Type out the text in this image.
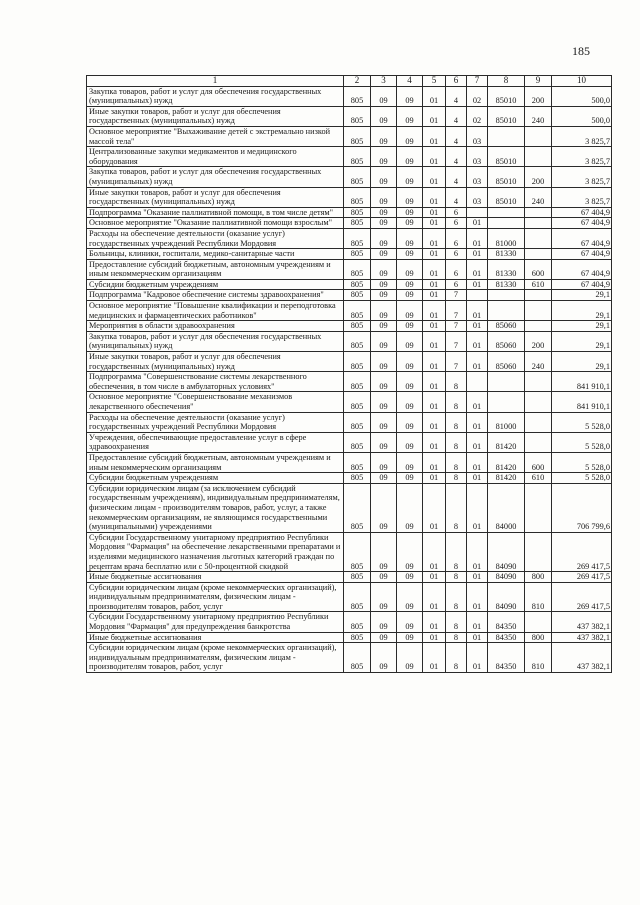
185
1	2	3	4	5	6	7	8	9	10
Закупка товаров, работ и услуг для обеспечения государственных (муниципальных) нужд	805	09	09	01	4	02	85010	200	500,0
Иные закупки товаров, работ и услуг для обеспечения государственных (муниципальных) нужд	805	09	09	01	4	02	85010	240	500,0
Основное мероприятие "Выхаживание детей с экстремально низкой массой тела"	805	09	09	01	4	03			3 825,7
Централизованные закупки медикаментов и медицинского оборудования	805	09	09	01	4	03	85010		3 825,7
Закупка товаров, работ и услуг для обеспечения государственных (муниципальных) нужд	805	09	09	01	4	03	85010	200	3 825,7
Иные закупки товаров, работ и услуг для обеспечения государственных (муниципальных) нужд	805	09	09	01	4	03	85010	240	3 825,7
Подпрограмма "Оказание паллиативной помощи, в том числе детям"	805	09	09	01	6				67 404,9
Основное мероприятие "Оказание паллиативной помощи взрослым"	805	09	09	01	6	01			67 404,9
Расходы на обеспечение деятельности (оказание услуг) государственных учреждений Республики Мордовия	805	09	09	01	6	01	81000		67 404,9
Больницы, клиники, госпитали, медико-санитарные части	805	09	09	01	6	01	81330		67 404,9
Предоставление субсидий бюджетным, автономным учреждениям и иным некоммерческим организациям	805	09	09	01	6	01	81330	600	67 404,9
Субсидии бюджетным учреждениям	805	09	09	01	6	01	81330	610	67 404,9
Подпрограмма "Кадровое обеспечение системы здравоохранения"	805	09	09	01	7				29,1
Основное мероприятие "Повышение квалификации и переподготовка медицинских и фармацевтических работников"	805	09	09	01	7	01			29,1
Мероприятия в области здравоохранения	805	09	09	01	7	01	85060		29,1
Закупка товаров, работ и услуг для обеспечения государственных (муниципальных) нужд	805	09	09	01	7	01	85060	200	29,1
Иные закупки товаров, работ и услуг для обеспечения государственных (муниципальных) нужд	805	09	09	01	7	01	85060	240	29,1
Подпрограмма "Совершенствование системы лекарственного обеспечения, в том числе в амбулаторных условиях"	805	09	09	01	8				841 910,1
Основное мероприятие "Совершенствование механизмов лекарственного обеспечения"	805	09	09	01	8	01			841 910,1
Расходы на обеспечение деятельности (оказание услуг) государственных учреждений Республики Мордовия	805	09	09	01	8	01	81000		5 528,0
Учреждения, обеспечивающие предоставление услуг в сфере здравоохранения	805	09	09	01	8	01	81420		5 528,0
Предоставление субсидий бюджетным, автономным учреждениям и иным некоммерческим организациям	805	09	09	01	8	01	81420	600	5 528,0
Субсидии бюджетным учреждениям	805	09	09	01	8	01	81420	610	5 528,0
Субсидии юридическим лицам (за исключением субсидий государственным учреждениям), индивидуальным предпринимателям, физическим лицам - производителям товаров, работ, услуг, а также некоммерческим организациям, не являющимся государственными (муниципальными) учреждениями	805	09	09	01	8	01	84000		706 799,6
Субсидии Государственному унитарному предприятию Республики Мордовия "Фармация" на обеспечение лекарственными препаратами и изделиями медицинского назначения льготных категорий граждан по рецептам врача бесплатно или с 50-процентной скидкой	805	09	09	01	8	01	84090		269 417,5
Иные бюджетные ассигнования	805	09	09	01	8	01	84090	800	269 417,5
Субсидии юридическим лицам (кроме некоммерческих организаций), индивидуальным предпринимателям, физическим лицам - производителям товаров, работ, услуг	805	09	09	01	8	01	84090	810	269 417,5
Субсидии Государственному унитарному предприятию Республики Мордовия "Фармация" для предупреждения банкротства	805	09	09	01	8	01	84350		437 382,1
Иные бюджетные ассигнования	805	09	09	01	8	01	84350	800	437 382,1
Субсидии юридическим лицам (кроме некоммерческих организаций), индивидуальным предпринимателям, физическим лицам - производителям товаров, работ, услуг	805	09	09	01	8	01	84350	810	437 382,1
